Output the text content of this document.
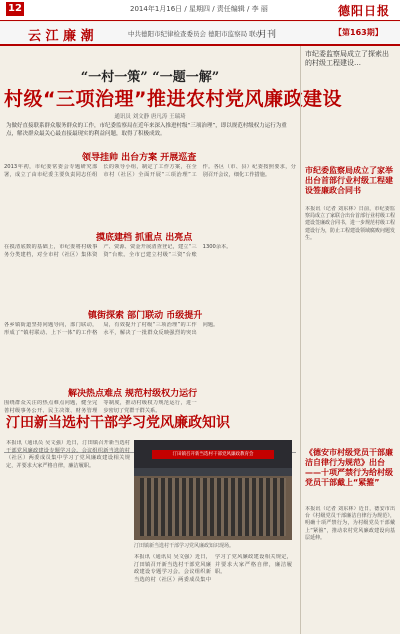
12	2014年1月16日 / 星期四 / 责任编辑 / 李 丽	德阳日报
云 江 廉 潮	中共德阳市纪律检查委员会 德阳市监察局 联办
月刊	【第163期】
“一村一策” “一题一解”
村级“三项治理”推进农村党风廉政建设
通讯员 刘文静 唐凡涛 王瑞琦
为做好直接联系群众服务群众的工作，市纪委监察局在近年来深入推进村级“三项治理”，即以规范村级权力运行为重点，解决群众最关心最直接最现实的利益问题，取得了积极成效。
领导挂帅 出台方案 开展巡查
2013年初，市纪委常委会专题研究部署，成立了由市纪委主要负责同志任组长的领导小组，制定了工作方案，在全市村（社区）全面开展“三项治理”工作。各区（市、县）纪委按照要求，分别召开会议，细化工作措施。
摸底建档 抓重点 出亮点
在摸清底数的基础上，市纪委将村级事务分类建档，对全市村（社区）集体资产、资源、资金开展清查登记，建立“三资”台账。全市已建立村级“三资”台账1300余本。
镇街探索 部门联动 币级提升
各乡镇街道坚持问题导向，部门联动，形成了“镇村联动、上下一体”的工作格局，有效提升了村级“三项治理”的工作水平，解决了一批群众反映强烈的突出问题。
解决热点难点 规范村级权力运行
围绕群众关注的热点难点问题，健全完善村级事务公开、民主决策、财务管理等制度，推动村级权力规范运行，进一步密切了党群干群关系。
汀田新当选村干部学习党风廉政知识
本报讯（通讯员 吴文强）近日，汀田镇召开新当选村干部党风廉政建设专题学习会。会议组织新当选的村（社区）两委成员集中学习了党风廉政建设相关规定，并要求大家严格自律，廉洁履职。
汀田镇召开新当选村干部党风廉政教育会
汀田镇新当选村干部学习党风廉政知识现场。
本报讯（通讯员 吴文强）近日，汀田镇召开新当选村干部党风廉政建设专题学习会。会议组织新当选的村（社区）两委成员集中学习了党风廉政建设相关规定，并要求大家严格自律，廉洁履职。
市纪委监察局成立了探索出的村级工程建设…
市纪委监察局成立了家举出台首部行业村级工程建设签廉政合同书
本报讯（记者 刘东林）日前，市纪委监察局成立了家联合出台首部行业村级工程建设签廉政合同书，进一步规范村级工程建设行为，防止工程建设领域腐败问题发生。
《德安市村级党员干部廉洁自律行为规范》出台——十项严禁行为给村级党员干部戴上“紧箍”
本报讯（记者 刘东林）近日，德安市出台《村级党员干部廉洁自律行为规范》，明确十项严禁行为，为村级党员干部戴上“紧箍”，推动农村党风廉政建设向基层延伸。
